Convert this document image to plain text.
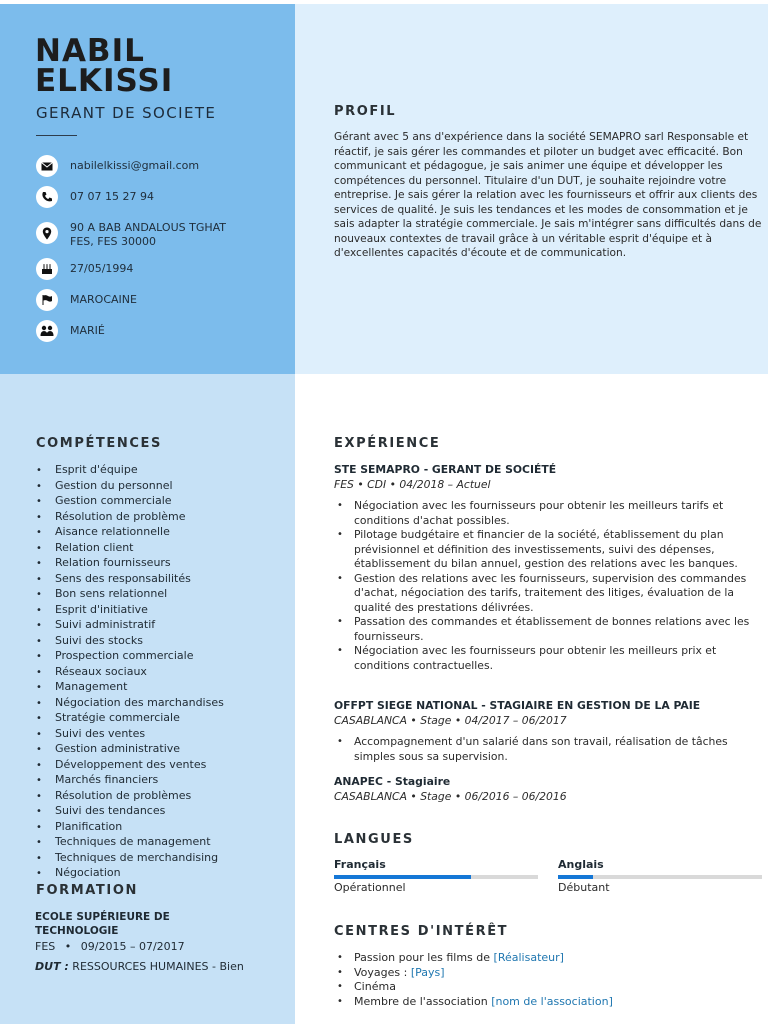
NABIL
ELKISSI
GERANT DE SOCIETE
nabilelkissi@gmail.com
07 07 15 27 94
90 A BAB ANDALOUS TGHAT
FES, FES 30000
27/05/1994
MAROCAINE
MARIÉ
PROFIL
Gérant avec 5 ans d'expérience dans la société SEMAPRO sarl Responsable et réactif, je sais gérer les commandes et piloter un budget avec efficacité. Bon communicant et pédagogue, je sais animer une équipe et développer les compétences du personnel. Titulaire d'un DUT, je souhaite rejoindre votre entreprise. Je sais gérer la relation avec les fournisseurs et offrir aux clients des services de qualité. Je suis les tendances et les modes de consommation et je sais adapter la stratégie commerciale. Je sais m'intégrer sans difficultés dans de nouveaux contextes de travail grâce à un véritable esprit d'équipe et à d'excellentes capacités d'écoute et de communication.
COMPÉTENCES
• Esprit d'équipe
• Gestion du personnel
• Gestion commerciale
• Résolution de problème
• Aisance relationnelle
• Relation client
• Relation fournisseurs
• Sens des responsabilités
• Bon sens relationnel
• Esprit d'initiative
• Suivi administratif
• Suivi des stocks
• Prospection commerciale
• Réseaux sociaux
• Management
• Négociation des marchandises
• Stratégie commerciale
• Suivi des ventes
• Gestion administrative
• Développement des ventes
• Marchés financiers
• Résolution de problèmes
• Suivi des tendances
• Planification
• Techniques de management
• Techniques de merchandising
• Négociation
FORMATION
ECOLE SUPÉRIEURE DE TECHNOLOGIE
FES • 09/2015 – 07/2017
DUT : RESSOURCES HUMAINES - Bien
EXPÉRIENCE
STE SEMAPRO - GERANT DE SOCIÉTÉ
FES • CDI • 04/2018 – Actuel
• Négociation avec les fournisseurs pour obtenir les meilleurs tarifs et conditions d'achat possibles.
• Pilotage budgétaire et financier de la société, établissement du plan prévisionnel et définition des investissements, suivi des dépenses, établissement du bilan annuel, gestion des relations avec les banques.
• Gestion des relations avec les fournisseurs, supervision des commandes d'achat, négociation des tarifs, traitement des litiges, évaluation de la qualité des prestations délivrées.
• Passation des commandes et établissement de bonnes relations avec les fournisseurs.
• Négociation avec les fournisseurs pour obtenir les meilleurs prix et conditions contractuelles.
OFFPT SIEGE NATIONAL - STAGIAIRE EN GESTION DE LA PAIE
CASABLANCA • Stage • 04/2017 – 06/2017
• Accompagnement d'un salarié dans son travail, réalisation de tâches simples sous sa supervision.
ANAPEC - Stagiaire
CASABLANCA • Stage • 06/2016 – 06/2016
LANGUES
Français
Opérationnel
Anglais
Débutant
CENTRES D'INTÉRÊT
• Passion pour les films de [Réalisateur]
• Voyages : [Pays]
• Cinéma
• Membre de l'association [nom de l'association]
